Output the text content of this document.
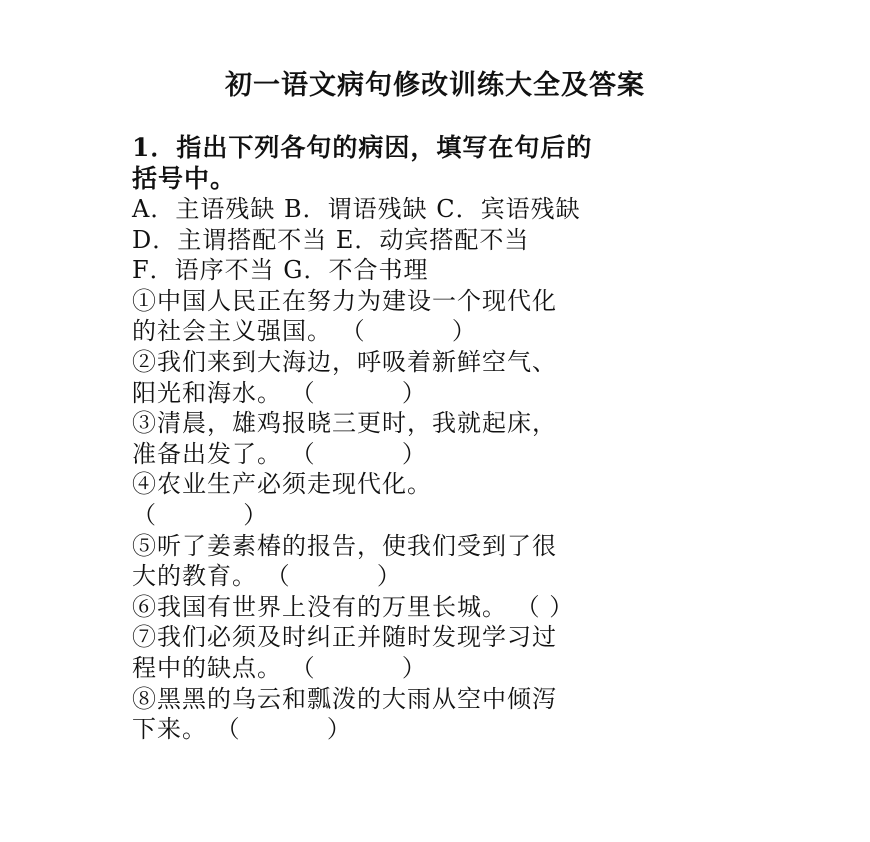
初一语文病句修改训练大全及答案
1．指出下列各句的病因，填写在句后的
括号中。
A．主语残缺 B．谓语残缺 C．宾语残缺
D．主谓搭配不当 E．动宾搭配不当
F．语序不当 G．不合书理
①中国人民正在努力为建设一个现代化
的社会主义强国。 （          ）
②我们来到大海边，呼吸着新鲜空气、
阳光和海水。 （          ）
③清晨，雄鸡报晓三更时，我就起床，
准备出发了。 （          ）
④农业生产必须走现代化。
（          ）
⑤听了姜素椿的报告，使我们受到了很
大的教育。 （          ）
⑥我国有世界上没有的万里长城。 （ ）
⑦我们必须及时纠正并随时发现学习过
程中的缺点。 （          ）
⑧黑黑的乌云和瓢泼的大雨从空中倾泻
下来。 （          ）
